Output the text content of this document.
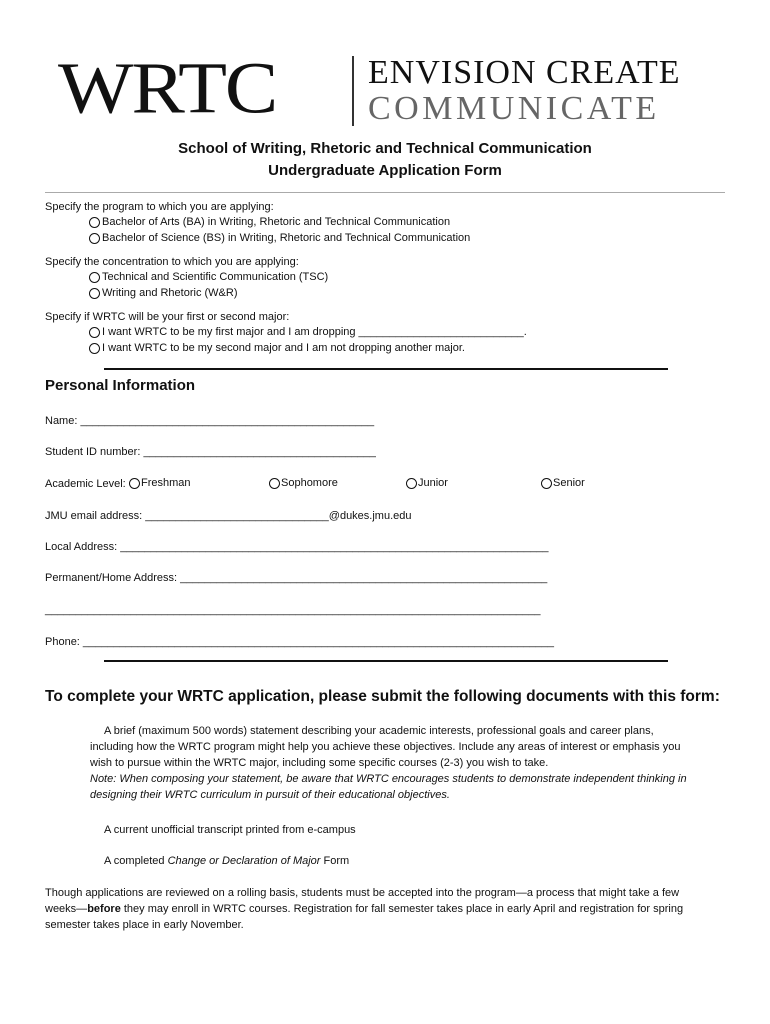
WRTC	ENVISION CREATE
COMMUNICATE
School of Writing, Rhetoric and Technical Communication
Undergraduate Application Form
Specify the program to which you are applying:
Bachelor of Arts (BA) in Writing, Rhetoric and Technical Communication
Bachelor of Science (BS) in Writing, Rhetoric and Technical Communication
Specify the concentration to which you are applying:
Technical and Scientific Communication (TSC)
Writing and Rhetoric (W&R)
Specify if WRTC will be your first or second major:
I want WRTC to be my first major and I am dropping ___________________________.
I want WRTC to be my second major and I am not dropping another major.
Personal Information
Name: ________________________________________________
Student ID number: ______________________________________
Academic Level: Freshman	Sophomore	Junior	Senior
JMU email address: ______________________________@dukes.jmu.edu
Local Address: ______________________________________________________________________
Permanent/Home Address: ____________________________________________________________
_________________________________________________________________________________
Phone: _____________________________________________________________________________
To complete your WRTC application, please submit the following documents with this form:
A brief (maximum 500 words) statement describing your academic interests, professional goals and career plans,
including how the WRTC program might help you achieve these objectives. Include any areas of interest or emphasis you
wish to pursue within the WRTC major, including some specific courses (2-3) you wish to take.
Note: When composing your statement, be aware that WRTC encourages students to demonstrate independent thinking in
designing their WRTC curriculum in pursuit of their educational objectives.
A current unofficial transcript printed from e-campus
A completed Change or Declaration of Major Form
Though applications are reviewed on a rolling basis, students must be accepted into the program—a process that might take a few
weeks—before they may enroll in WRTC courses. Registration for fall semester takes place in early April and registration for spring
semester takes place in early November.
